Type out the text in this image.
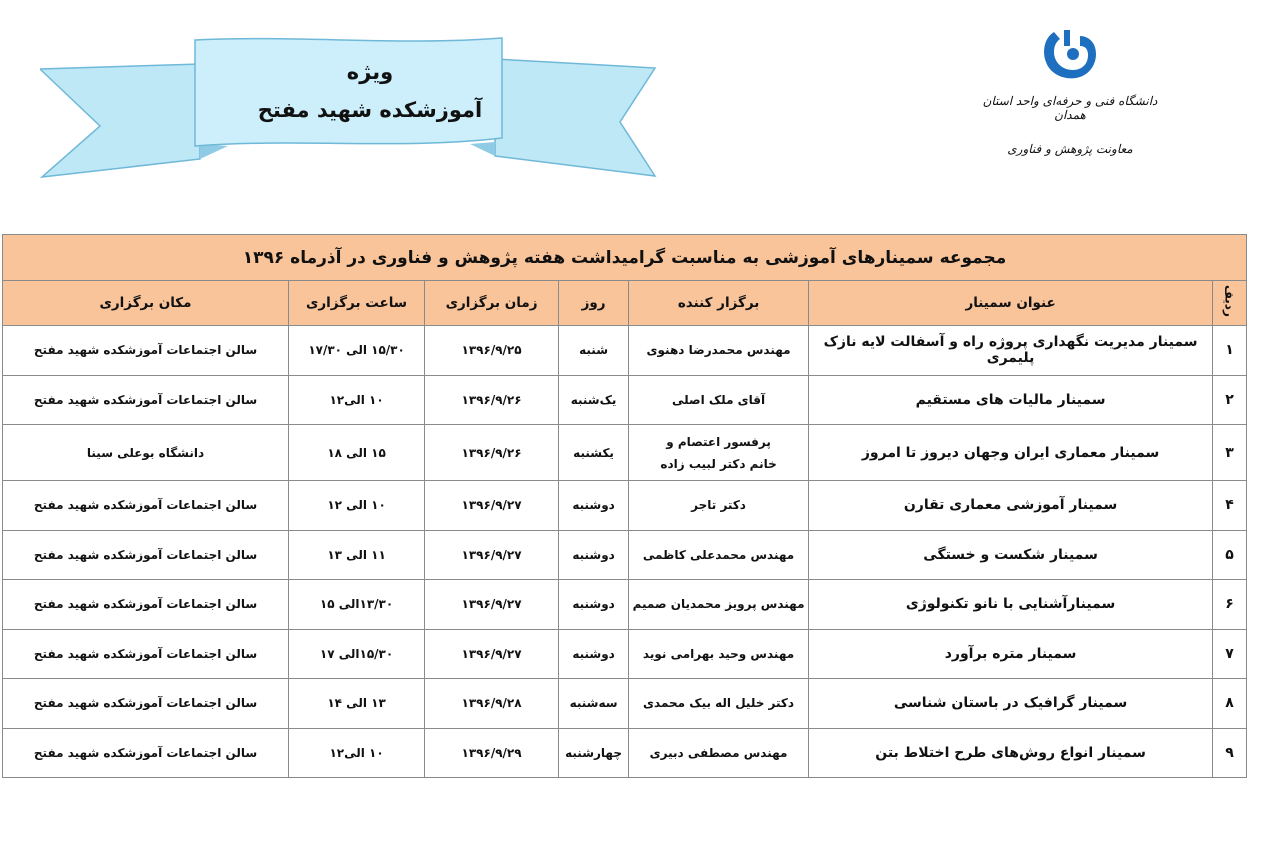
ویژه
آموزشکده شهید مفتح	دانشگاه فنی و حرفه‌ای واحد استان همدان
معاونت پژوهش و فناوری
مجموعه سمینارهای آموزشی به مناسبت گرامیداشت هفته پژوهش و فناوری در آذرماه ۱۳۹۶						
ردیف	عنوان سمینار	برگزار کننده	روز	زمان برگزاری	ساعت برگزاری	مکان برگزاری
۱	سمینار مدیریت نگهداری پروژه راه و آسفالت لایه نازک پلیمری	مهندس محمدرضا دهنوی	شنبه	۱۳۹۶/۹/۲۵	۱۵/۳۰ الی ۱۷/۳۰	سالن اجتماعات آموزشکده شهید مفتح
۲	سمینار مالیات های مستقیم	آقای ملک اصلی	یک‌شنبه	۱۳۹۶/۹/۲۶	۱۰ الی۱۲	سالن اجتماعات آموزشکده شهید مفتح
۳	سمینار معماری ایران وجهان دیروز تا امروز	پرفسور اعتصام و
خانم دکتر لبیب زاده	یکشنبه	۱۳۹۶/۹/۲۶	۱۵ الی ۱۸	دانشگاه بوعلی سینا
۴	سمینار آموزشی معماری تقارن	دکتر تاجر	دوشنبه	۱۳۹۶/۹/۲۷	۱۰ الی ۱۲	سالن اجتماعات آموزشکده شهید مفتح
۵	سمینار شکست و خستگی	مهندس محمدعلی کاظمی	دوشنبه	۱۳۹۶/۹/۲۷	۱۱ الی ۱۳	سالن اجتماعات آموزشکده شهید مفتح
۶	سمینارآشنایی با نانو تکنولوژی	مهندس پرویز محمدیان صمیم	دوشنبه	۱۳۹۶/۹/۲۷	۱۳/۳۰الی ۱۵	سالن اجتماعات آموزشکده شهید مفتح
۷	سمینار متره برآورد	مهندس وحید بهرامی نوید	دوشنبه	۱۳۹۶/۹/۲۷	۱۵/۳۰الی ۱۷	سالن اجتماعات آموزشکده شهید مفتح
۸	سمینار گرافیک در باستان شناسی	دکتر خلیل اله بیک محمدی	سه‌شنبه	۱۳۹۶/۹/۲۸	۱۳ الی ۱۴	سالن اجتماعات آموزشکده شهید مفتح
۹	سمینار انواع روش‌های طرح اختلاط بتن	مهندس مصطفی دبیری	چهارشنبه	۱۳۹۶/۹/۲۹	۱۰ الی۱۲	سالن اجتماعات آموزشکده شهید مفتح
